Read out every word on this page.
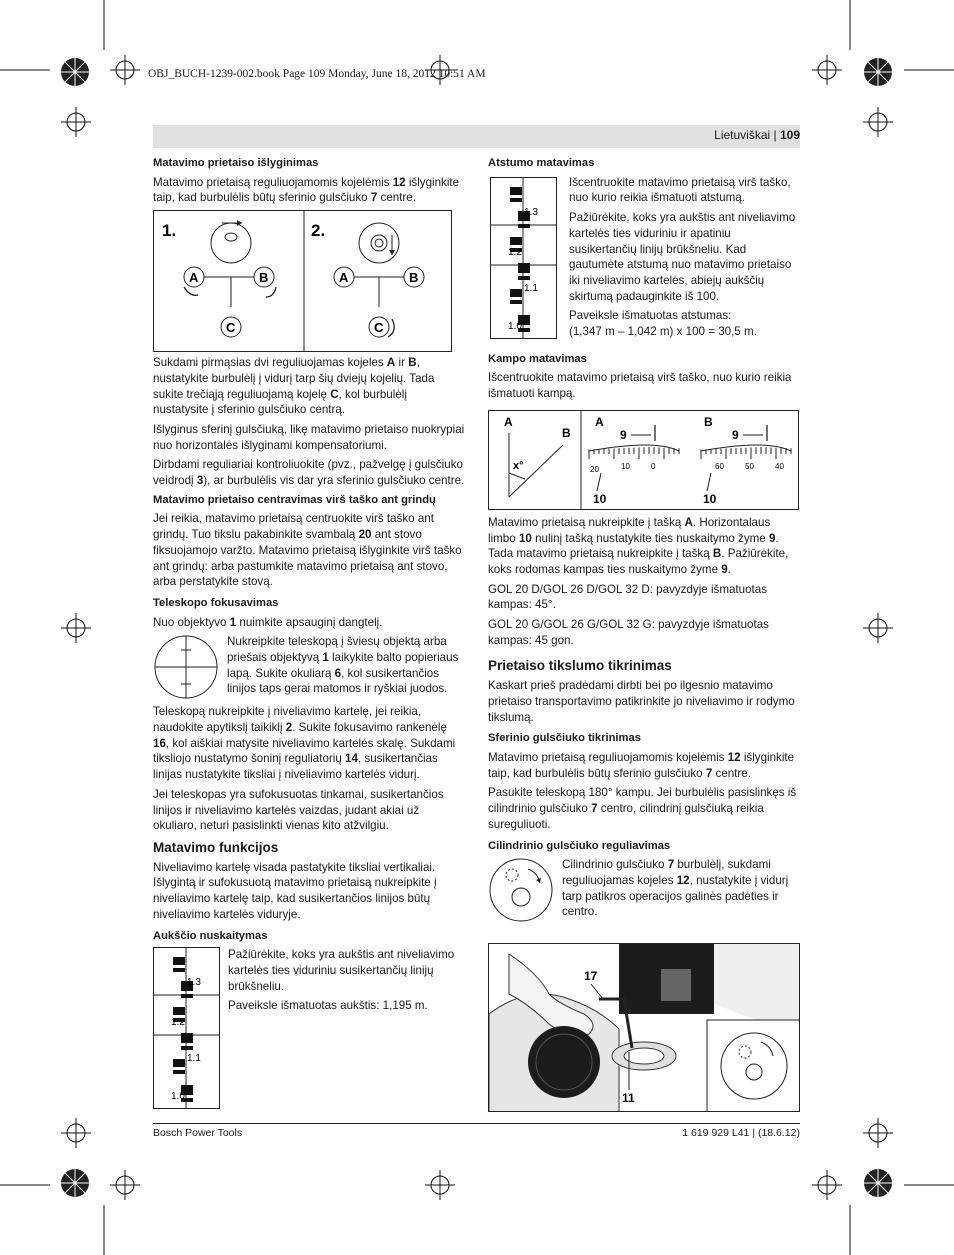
OBJ_BUCH-1239-002.book Page 109 Monday, June 18, 2012 10:51 AM
Lietuviškai | 109
Matavimo prietaiso išlyginimas

Matavimo prietaisą reguliuojamomis kojelėmis 12 išlyginkite taip, kad burbulėlis būtų sferinio gulsčiuko 7 centre.

1.	2.
A	B
C
A	B
C

Sukdami pirmąsias dvi reguliuojamas kojeles A ir B, nustatykite burbulėlį į vidurį tarp šių dviejų kojelių. Tada sukite trečiąją reguliuojamą kojelę C, kol burbulėlį nustatysite į sferinio gulsčiuko centrą.

Išlyginus sferinį gulsčiuką, likę matavimo prietaiso nuokrypiai nuo horizontalės išlyginami kompensatoriumi.

Dirbdami reguliariai kontroliuokite (pvz., pažvelgę į gulsčiuko veidrodį 3), ar burbulėlis vis dar yra sferinio gulsčiuko centre.

Matavimo prietaiso centravimas virš taško ant grindų

Jei reikia, matavimo prietaisą centruokite virš taško ant grindų. Tuo tikslu pakabinkite svambalą 20 ant stovo fiksuojamojo varžto. Matavimo prietaisą išlyginkite virš taško ant grindų: arba pastumkite matavimo prietaisą ant stovo, arba perstatykite stovą.

Teleskopo fokusavimas

Nuo objektyvo 1 nuimkite apsauginį dangtelį.

Nukreipkite teleskopą į šviesų objektą arba priešais objektyvą 1 laikykite balto popieriaus lapą. Sukite okuliarą 6, kol susikertančios linijos taps gerai matomos ir ryškiai juodos.

Teleskopą nukreipkite į niveliavimo kartelę, jei reikia, naudokite apytikslį taikiklį 2. Sukite fokusavimo rankenėlę 16, kol aiškiai matysite niveliavimo kartelės skalę. Sukdami tiksliojo nustatymo šoninį reguliatorių 14, susikertančias linijas nustatykite tiksliai į niveliavimo kartelės vidurį.

Jei teleskopas yra sufokusuotas tinkamai, susikertančios linijos ir niveliavimo kartelės vaizdas, judant akiai už okuliaro, neturi pasislinkti vienas kito atžvilgiu.

Matavimo funkcijos

Niveliavimo kartelę visada pastatykite tiksliai vertikaliai. Išlygintą ir sufokusuotą matavimo prietaisą nukreipkite į niveliavimo kartelę taip, kad susikertančios linijos būtų niveliavimo kartelės viduryje.

Aukščio nuskaitymas
1.3
1.2
1.1
1.0

Pažiūrėkite, koks yra aukštis ant niveliavimo kartelės ties viduriniu susikertančių linijų brūkšneliu.

Paveiksle išmatuotas aukštis: 1,195 m.

Atstumo matavimas
1.3
1.2
1.1
1.0

Išcentruokite matavimo prietaisą virš taško, nuo kurio reikia išmatuoti atstumą.

Pažiūrėkite, koks yra aukštis ant niveliavimo kartelės ties viduriniu ir apatiniu susikertančių linijų brūkšneliu. Kad gautumėte atstumą nuo matavimo prietaiso iki niveliavimo kartelės, abiejų aukščių skirtumą padauginkite iš 100.

Paveiksle išmatuotas atstumas:

(1,347 m – 1,042 m) x 100 = 30,5 m.

Kampo matavimas

Išcentruokite matavimo prietaisą virš taško, nuo kurio reikia išmatuoti kampą.

A
B
x°
A
9
20	10	0
10
B
9
60	50	40
10

Matavimo prietaisą nukreipkite į tašką A. Horizontalaus limbo 10 nulinį tašką nustatykite ties nuskaitymo žyme 9. Tada matavimo prietaisą nukreipkite į tašką B. Pažiūrėkite, koks rodomas kampas ties nuskaitymo žyme 9.

GOL 20 D/GOL 26 D/GOL 32 D: pavyzdyje išmatuotas kampas: 45°.

GOL 20 G/GOL 26 G/GOL 32 G: pavyzdyje išmatuotas kampas: 45 gon.

Prietaiso tikslumo tikrinimas

Kaskart prieš pradėdami dirbti bei po ilgesnio matavimo prietaiso transportavimo patikrinkite jo niveliavimo ir rodymo tikslumą.

Sferinio gulsčiuko tikrinimas

Matavimo prietaisą reguliuojamomis kojelėmis 12 išlyginkite taip, kad burbulėlis būtų sferinio gulsčiuko 7 centre.

Pasukite teleskopą 180° kampu. Jei burbulėlis pasislinkęs iš cilindrinio gulsčiuko 7 centro, cilindrinį gulsčiuką reikia sureguliuoti.

Cilindrinio gulsčiuko reguliavimas

Cilindrinio gulsčiuko 7 burbulėlį, sukdami reguliuojamas kojeles 12, nustatykite į vidurį tarp patikros operacijos galinės padėties ir centro.

17
11
Bosch Power Tools	1 619 929 L41 | (18.6.12)
